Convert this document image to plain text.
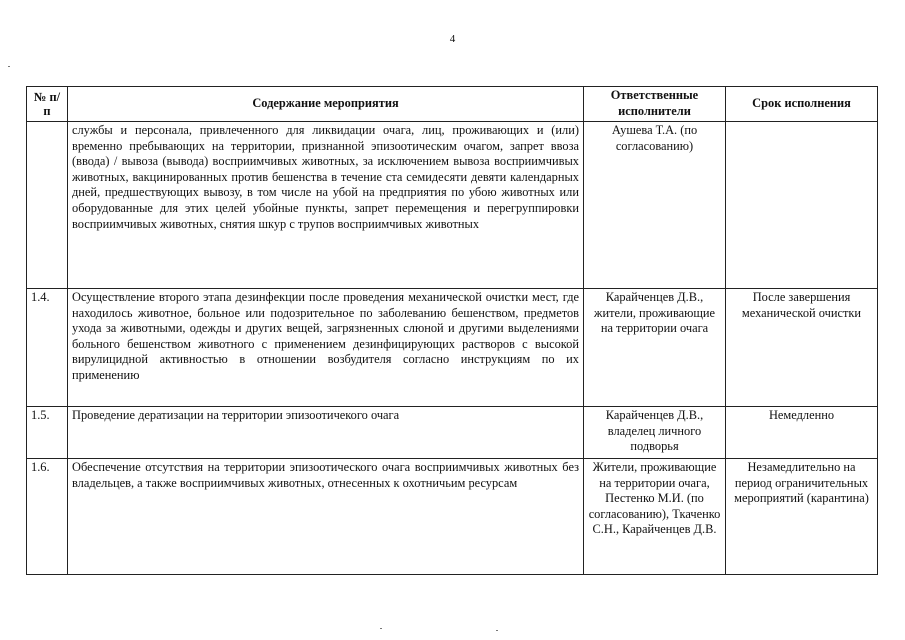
4
№ п/п	Содержание мероприятия	Ответственные исполнители	Срок исполнения
	службы и персонала, привлеченного для ликвидации очага, лиц, проживающих и (или) временно пребывающих на территории, признанной эпизоотическим очагом, запрет ввоза (ввода) / вывоза (вывода) восприимчивых животных, за исключением вывоза восприимчивых животных, вакцинированных против бешенства в течение ста семидесяти девяти календарных дней, предшествующих вывозу, в том числе на убой на предприятия по убою животных или оборудованные для этих целей убойные пункты, запрет перемещения и перегруппировки восприимчивых животных, снятия шкур с трупов восприимчивых животных	Аушева Т.А. (по согласованию)	
1.4.	Осуществление второго этапа дезинфекции после проведения механической очистки мест, где находилось животное, больное или подозрительное по заболеванию бешенством, предметов ухода за животными, одежды и других вещей, загрязненных слюной и другими выделениями больного бешенством животного с применением дезинфицирующих растворов с высокой вирулицидной активностью в отношении возбудителя согласно инструкциям по их применению	Карайченцев Д.В., жители, проживающие на территории очага	После завершения механической очистки
1.5.	Проведение дератизации на территории эпизоотичекого очага	Карайченцев Д.В., владелец личного подворья	Немедленно
1.6.	Обеспечение отсутствия на территории эпизоотического очага восприимчивых животных без владельцев, а также восприимчивых животных, отнесенных к охотничьим ресурсам	Жители, проживающие на территории очага, Пестенко М.И. (по согласованию), Ткаченко С.Н., Карайченцев Д.В.	Незамедлительно на период ограничительных мероприятий (карантина)
